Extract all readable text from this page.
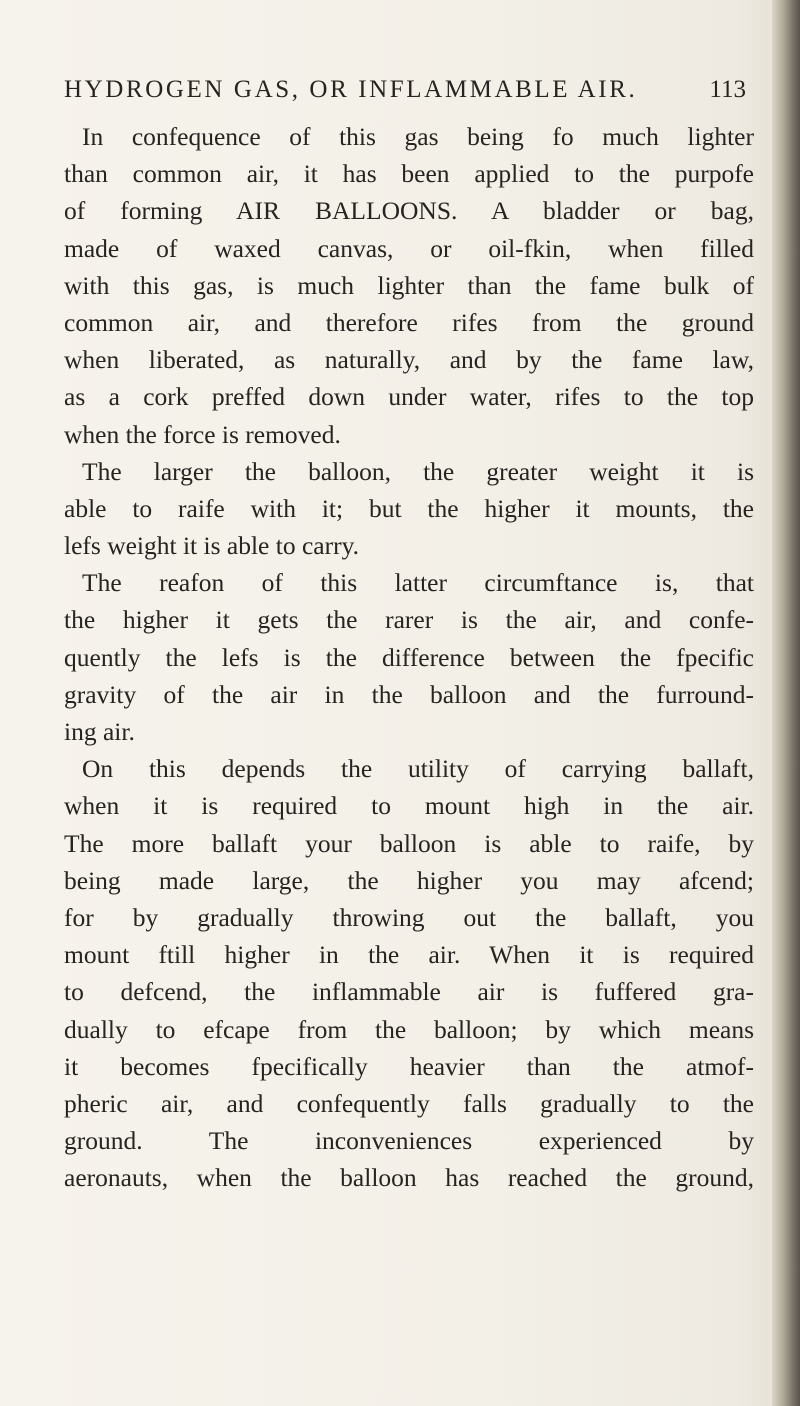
HYDROGEN GAS, OR INFLAMMABLE AIR.	113
In confequence of this gas being fo much lighter
than common air, it has been applied to the purpofe
of forming AIR BALLOONS. A bladder or bag,
made of waxed canvas, or oil-fkin, when filled
with this gas, is much lighter than the fame bulk of
common air, and therefore rifes from the ground
when liberated, as naturally, and by the fame law,
as a cork preffed down under water, rifes to the top
when the force is removed.
The larger the balloon, the greater weight it is
able to raife with it; but the higher it mounts, the
lefs weight it is able to carry.
The reafon of this latter circumftance is, that
the higher it gets the rarer is the air, and confe-
quently the lefs is the difference between the fpecific
gravity of the air in the balloon and the furround-
ing air.
On this depends the utility of carrying ballaft,
when it is required to mount high in the air.
The more ballaft your balloon is able to raife, by
being made large, the higher you may afcend;
for by gradually throwing out the ballaft, you
mount ftill higher in the air. When it is required
to defcend, the inflammable air is fuffered gra-
dually to efcape from the balloon; by which means
it becomes fpecifically heavier than the atmof-
pheric air, and confequently falls gradually to the
ground. The inconveniences experienced by
aeronauts, when the balloon has reached the ground,
